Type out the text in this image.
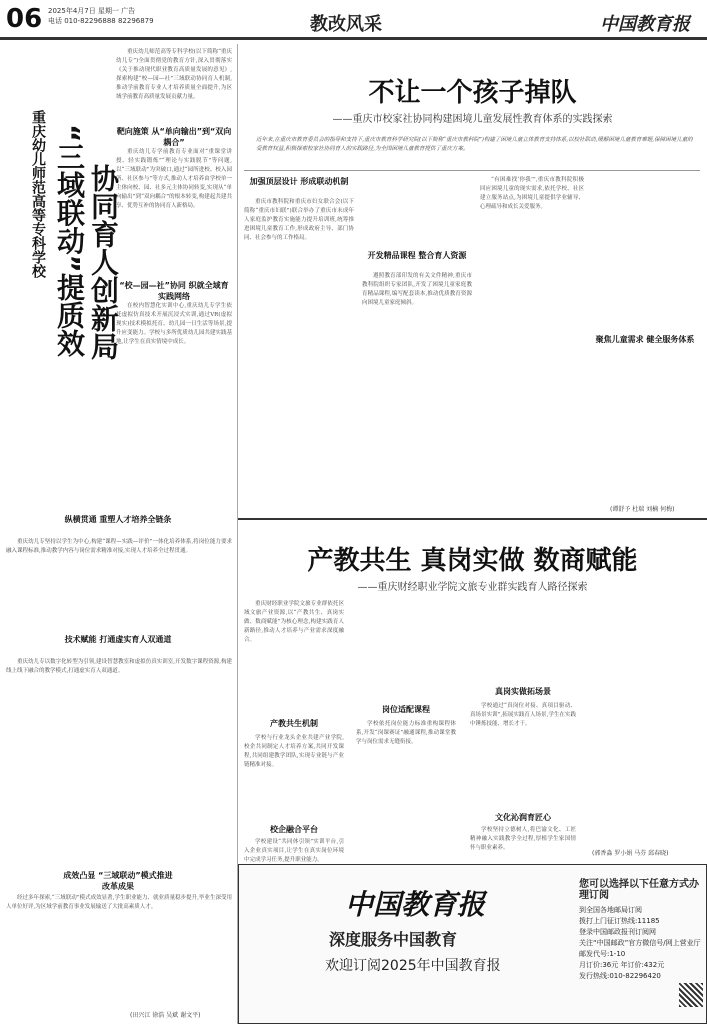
06 2025年4月7日 星期一 广告
电话 010-82296888 82296879	教改风采	中国教育报
重庆幼儿师范高等专科学校 “三域联动”提质效 协同育人创新局
重庆幼儿师范高等专科学校(以下简称“重庆幼儿专”)全面贯彻党的教育方针,深入贯彻落实《关于推动现代职业教育高质量发展的意见》,探索构建“校—园—社”三域联动协同育人机制,推动学前教育专业人才培养质量全面提升,为区域学前教育高质量发展贡献力量。
靶向施策 从“单向输出”到“双向耦合”
重庆幼儿专学前教育专业面对“重课堂讲授、轻实践锻炼”“理论与实践脱节”等问题,以“三域联动”为突破口,通过“园所进校、校入园所、社区参与”等方式,推动人才培养由学校单一主体向校、园、社多元主体协同转变,实现从“单向输出”到“双向耦合”的根本转变,构建起共建共享、优势互补的协同育人新格局。
“校—园—社”协同 织就全域育实践网络
在校内智慧化实训中心,重庆幼儿专学生依托虚拟仿真技术开展沉浸式实训,通过VR(虚拟现实)技术模拟托育、幼儿园一日生活等场景,提升应变能力。学校与多所优质幼儿园共建实践基地,让学生在真实情境中成长。
纵横贯通 重塑人才培养全链条
重庆幼儿专坚持以学生为中心,构建“课程—实践—评价”一体化培养体系,将岗位能力要求融入课程标准,推动教学内容与岗位需求精准对接,实现人才培养全过程贯通。
技术赋能 打通虚实育人双通道
重庆幼儿专以数字化转型为引领,建设智慧教室和虚拟仿真实训室,开发数字课程资源,构建线上线下融合的教学模式,打通虚实育人双通道。
成效凸显 “三域联动”模式推进改革成果
经过多年探索,“三域联动”模式成效显著,学生职业能力、就业质量稳步提升,毕业生深受用人单位好评,为区域学前教育事业发展输送了大批高素质人才。
(田兴江 徐浩 吴斌 谢文平)
不让一个孩子掉队
——重庆市校家社协同构建困境儿童发展性教育体系的实践探索
近年来,在重庆市教育委员会的指导和支持下,重庆市教育科学研究院(以下简称“重庆市教科院”)构建了困境儿童立体教育支持体系,以校社联动,缓解困境儿童教育难题,保障困境儿童的受教育权益,积极探索校家社协同育人的实践路径,为全国困境儿童教育提供了重庆方案。
加强顶层设计 形成联动机制
重庆市教科院和重庆市妇女联合会(以下简称“重庆市妇联”)联合举办了重庆市未成年人家庭监护教育实施能力提升培训班,统筹推进困境儿童教育工作,形成政府主导、部门协同、社会参与的工作格局。
开发精品课程 整合育人资源
遵照教育部印发的有关文件精神,重庆市教科院组织专家团队,开发了困境儿童家庭教育精品课程,编写配套读本,推动优质教育资源向困境儿童家庭倾斜。
聚焦儿童需求 健全服务体系
“有困难找‘你我’”,重庆市教科院积极回应困境儿童的现实需求,依托学校、社区建立服务站点,为困境儿童提供学业辅导、心理疏导和成长关爱服务。
(谭舒予 杜瑞 刘楠 何梅)
产教共生 真岗实做 数商赋能
——重庆财经职业学院文旅专业群实践育人路径探索
重庆财经职业学院文旅专业群依托区域文旅产业资源,以“产教共生、真岗实做、数商赋能”为核心理念,构建实践育人新路径,推动人才培养与产业需求深度融合。
产教共生机制
学校与行业龙头企业共建产业学院,校企共同制定人才培养方案,共同开发课程,共同组建教学团队,实现专业链与产业链精准对接。
校企融合平台
学校建设“共同体引领”实训平台,引入企业真实项目,让学生在真实岗位环境中完成学习任务,提升职业能力。
岗位适配课程
学校依托岗位能力标准重构课程体系,开发“岗课赛证”融通课程,推动课堂教学与岗位需求无缝衔接。
真岗实做拓场景
学校通过“真岗位对接、真项目驱动、真场景实训”,拓展实践育人场景,学生在实践中锤炼技能、增长才干。
文化沁润育匠心
学校坚持立德树人,将巴渝文化、工匠精神融入实践教学全过程,厚植学生家国情怀与职业素养。
(郭香淼 罗小娟 马芬 邱春晓)
中国教育报
深度服务中国教育
欢迎订阅2025年中国教育报
您可以选择以下任意方式办理订阅
到全国各地邮局订阅
拨打上门征订热线:11185
登录中国邮政报刊订阅网
关注“中国邮政”官方微信号/网上营业厅
邮发代号:1-10
月订价:36元 年订价:432元
发行热线:010-82296420
